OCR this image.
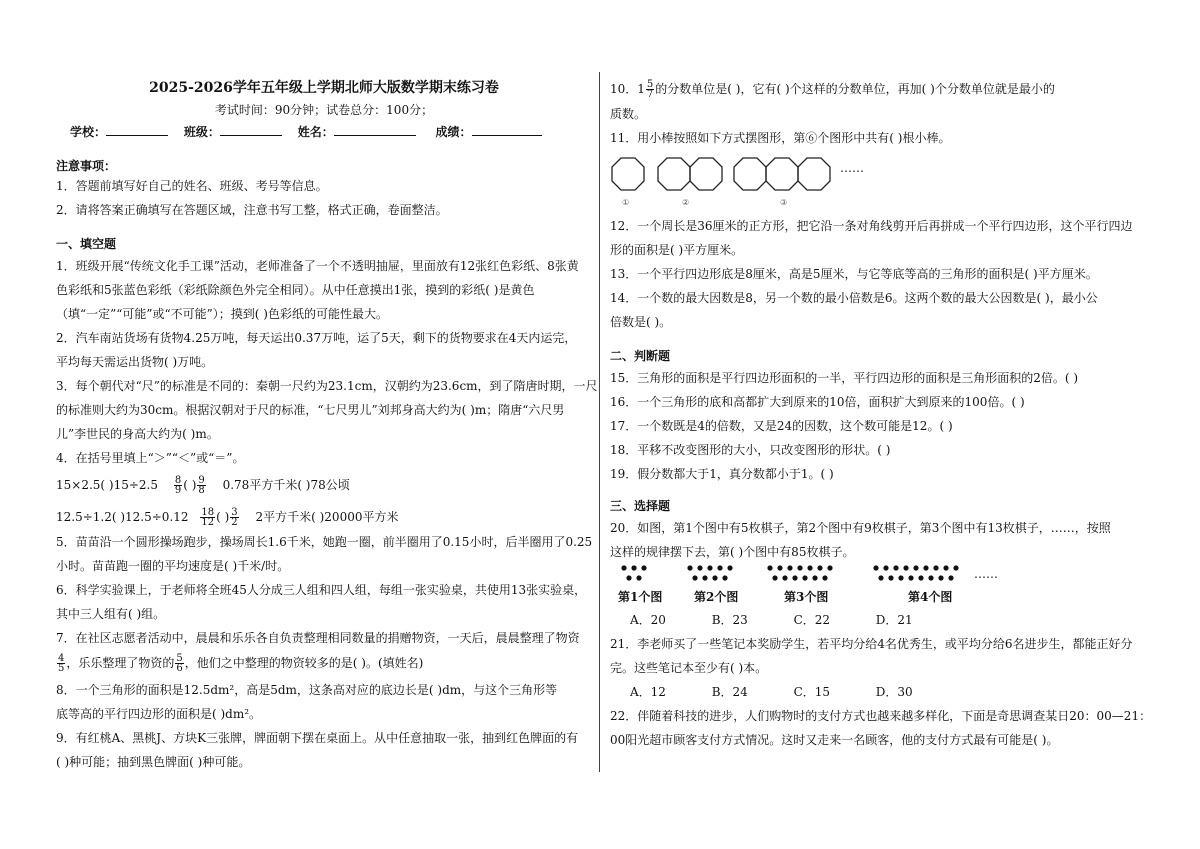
2025-2026学年五年级上学期北师大版数学期末练习卷
考试时间：90分钟；试卷总分：100分；
学校：	班级：	姓名：	成绩：
注意事项：
1．答题前填写好自己的姓名、班级、考号等信息。
2．请将答案正确填写在答题区域，注意书写工整，格式正确，卷面整洁。
一、填空题
1．班级开展“传统文化手工课”活动，老师准备了一个不透明抽屉，里面放有12张红色彩纸、8张黄
色彩纸和5张蓝色彩纸（彩纸除颜色外完全相同）。从中任意摸出1张，摸到的彩纸( )是黄色
（填“一定”“可能”或“不可能”）；摸到( )色彩纸的可能性最大。
2．汽车南站货场有货物4.25万吨，每天运出0.37万吨，运了5天，剩下的货物要求在4天内运完，
平均每天需运出货物( )万吨。
3．每个朝代对“尺”的标准是不同的：秦朝一尺约为23.1cm，汉朝约为23.6cm，到了隋唐时期，一尺
的标准则大约为30cm。根据汉朝对于尺的标准，“七尺男儿”刘邦身高大约为( )m；隋唐“六尺男
儿”李世民的身高大约为( )m。
4．在括号里填上“＞”“＜”或“＝”。
15×2.5( )$15\div 2.5 \frac{8}{9}$ ( ) $\frac{9}{8} 0.78$平方千米( )78公顷
12.5÷1.2( )$12.5\div 0.12 \frac{18}{12}$ ( ) $\frac{3}{2} 2$平方千米( )20000平方米
5．苗苗沿一个圆形操场跑步，操场周长1.6千米，她跑一圈，前半圈用了0.15小时，后半圈用了0.25
小时。苗苗跑一圈的平均速度是( )千米/时。
6．科学实验课上，于老师将全班45人分成三人组和四人组，每组一张实验桌，共使用13张实验桌，
其中三人组有( )组。
7．在社区志愿者活动中，晨晨和乐乐各自负责整理相同数量的捐赠物资，一天后，晨晨整理了物资
$\frac{4}{5}$ ，乐乐整理了物资的 $\frac{5}{6}$ ，他们之中整理的物资较多的是( )。(填姓名)
8．一个三角形的面积是12.5dm²，高是5dm，这条高对应的底边长是( )dm，与这个三角形等
底等高的平行四边形的面积是( )dm²。
9．有红桃A、黑桃J、方块K三张牌，牌面朝下摆在桌面上。从中任意抽取一张，抽到红色牌面的有
( )种可能；抽到黑色牌面( )种可能。
10．$1 \frac{5}{7}$ 的分数单位是( )，它有( )个这样的分数单位，再加( )个分数单位就是最小的
质数。
11．用小棒按照如下方式摆图形，第⑥个图形中共有( )根小棒。
……
①	②	③
12．一个周长是36厘米的正方形，把它沿一条对角线剪开后再拼成一个平行四边形，这个平行四边
形的面积是( )平方厘米。
13．一个平行四边形底是8厘米，高是5厘米，与它等底等高的三角形的面积是( )平方厘米。
14．一个数的最大因数是8，另一个数的最小倍数是6。这两个数的最大公因数是( )，最小公
倍数是( )。
二、判断题
15．三角形的面积是平行四边形面积的一半，平行四边形的面积是三角形面积的2倍。( )
16．一个三角形的底和高都扩大到原来的10倍，面积扩大到原来的100倍。( )
17．一个数既是4的倍数，又是24的因数，这个数可能是12。( )
18．平移不改变图形的大小，只改变图形的形状。( )
19．假分数都大于1，真分数都小于1。( )
三、选择题
20．如图，第1个图中有5枚棋子，第2个图中有9枚棋子，第3个图中有13枚棋子，……，按照
这样的规律摆下去，第( )个图中有85枚棋子。
……
第1个图	第2个图	第3个图	第4个图
A．20            B．23            C．22            D．21
21．李老师买了一些笔记本奖励学生，若平均分给4名优秀生，或平均分给6名进步生，都能正好分
完。这些笔记本至少有( )本。
A．12            B．24            C．15            D．30
22．伴随着科技的进步，人们购物时的支付方式也越来越多样化，下面是奇思调查某日20：00—21：
00阳光超市顾客支付方式情况。这时又走来一名顾客，他的支付方式最有可能是( )。
